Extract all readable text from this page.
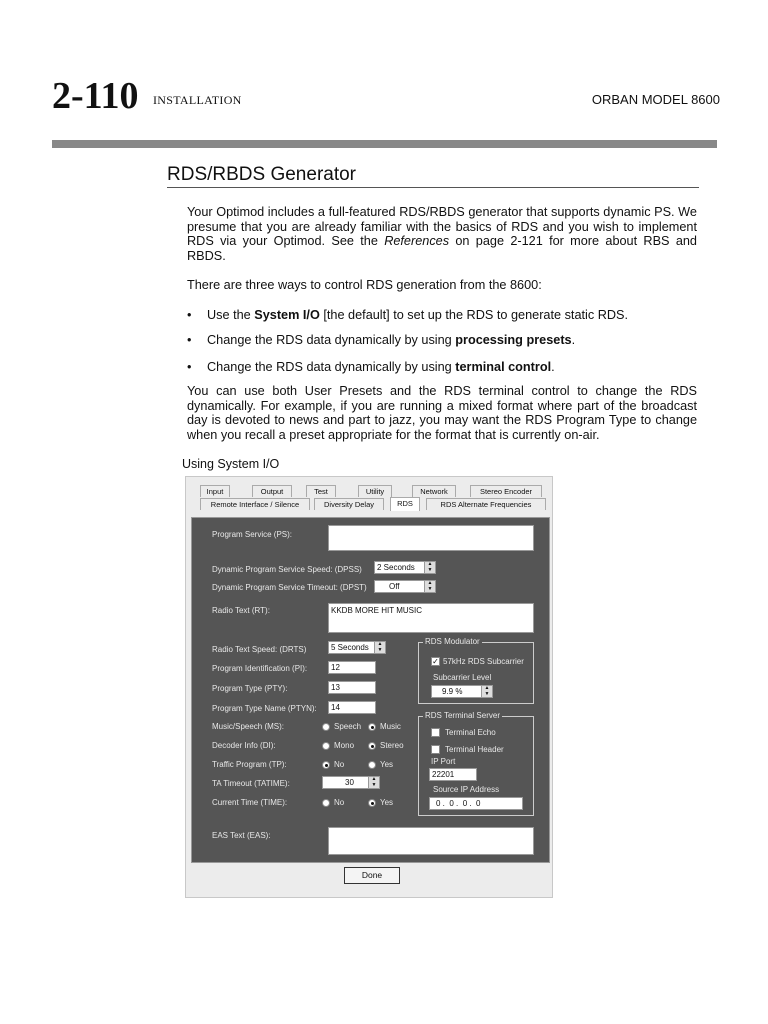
2-110 INSTALLATION	ORBAN MODEL 8600
RDS/RBDS Generator
Your Optimod includes a full-featured RDS/RBDS generator that supports dynamic PS. We presume that you are already familiar with the basics of RDS and you wish to implement RDS via your Optimod. See the References on page 2-121 for more about RBS and RBDS.
There are three ways to control RDS generation from the 8600:
• Use the System I/O [the default] to set up the RDS to generate static RDS.
• Change the RDS data dynamically by using processing presets.
• Change the RDS data dynamically by using terminal control.
You can use both User Presets and the RDS terminal control to change the RDS dynamically. For example, if you are running a mixed format where part of the broadcast day is devoted to news and part to jazz, you may want the RDS Program Type to change when you recall a preset appropriate for the format that is currently on-air.
Using System I/O
Input	Output	Test	Utility	Network	Stereo Encoder
Remote Interface / Silence	Diversity Delay	RDS	RDS Alternate Frequencies
Program Service (PS):
Dynamic Program Service Speed: (DPSS)	2 Seconds	▲
▼
Dynamic Program Service Timeout: (DPST)	Off	▲
▼
Radio Text (RT):	KKDB MORE HIT MUSIC
Radio Text Speed: (DRTS)	5 Seconds	▲
▼
Program Identification (PI):	12
Program Type (PTY):	13
Program Type Name (PTYN):	14
Music/Speech (MS):	Speech Music
Decoder Info (DI):	Mono	Stereo
Traffic Program (TP):	No	Yes
TA Timeout (TATIME):	30	▲
▼
Current Time (TIME):	No	Yes
EAS Text (EAS):
RDS Modulator
✓ 57kHz RDS Subcarrier
Subcarrier Level
9.9 %	▲
▼
RDS Terminal Server
Terminal Echo
Terminal Header
IP Port
22201
Source IP Address
0 .  0 .  0 .  0
Done
